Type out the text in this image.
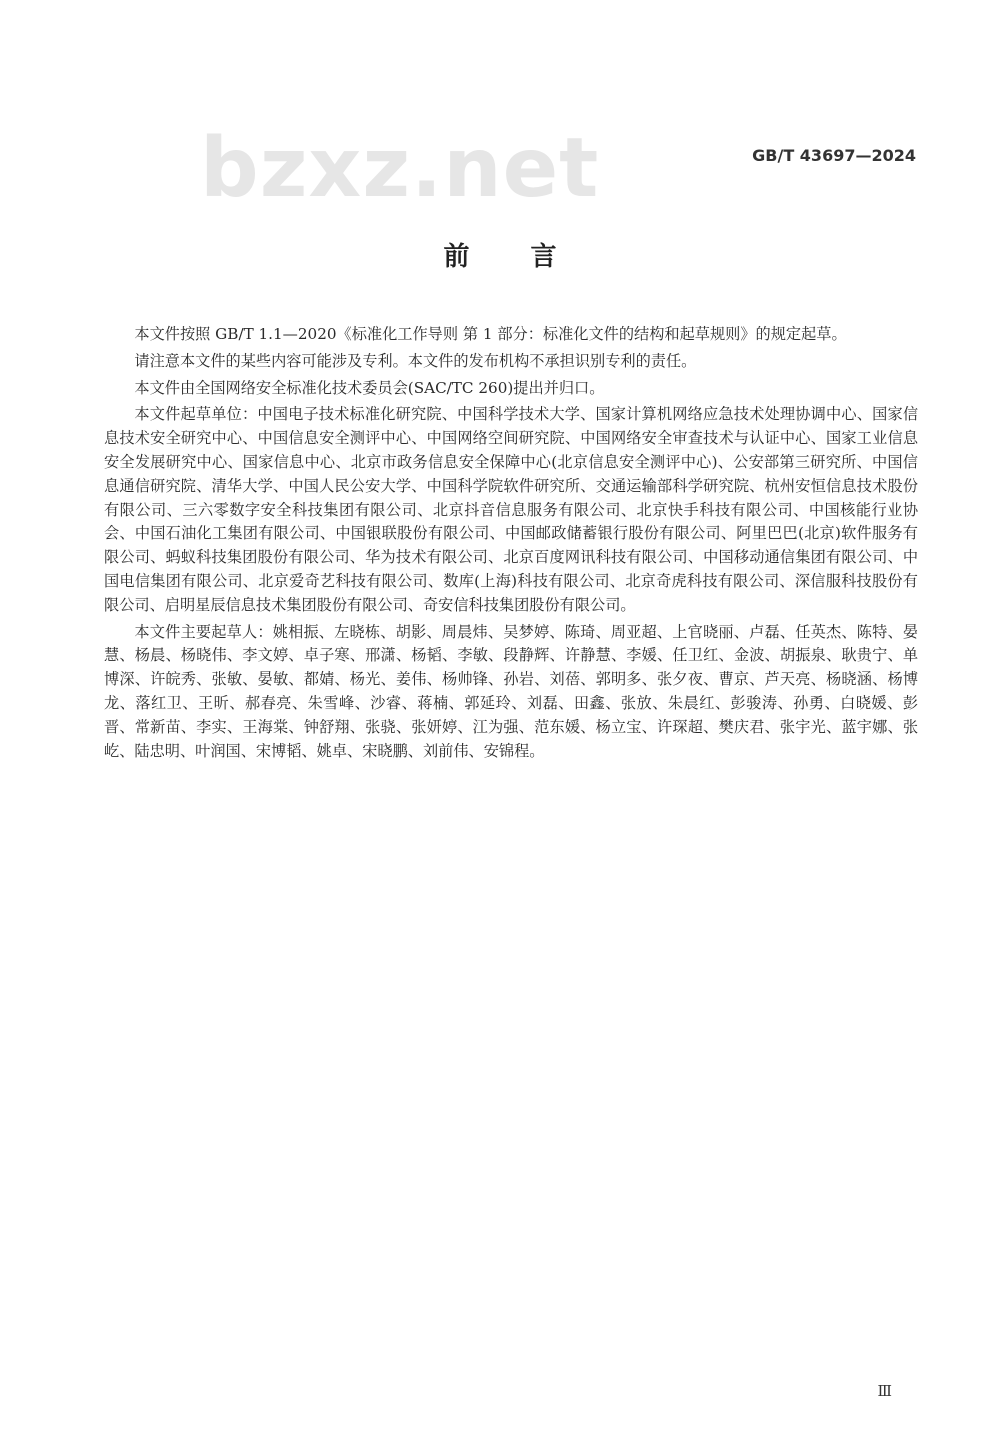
bzxz.net	GB/T 43697—2024
前 言

本文件按照 GB/T 1.1—2020《标准化工作导则 第 1 部分：标准化文件的结构和起草规则》的规定起草。

请注意本文件的某些内容可能涉及专利。本文件的发布机构不承担识别专利的责任。

本文件由全国网络安全标准化技术委员会(SAC/TC 260)提出并归口。

本文件起草单位：中国电子技术标准化研究院、中国科学技术大学、国家计算机网络应急技术处理协调中心、国家信息技术安全研究中心、中国信息安全测评中心、中国网络空间研究院、中国网络安全审查技术与认证中心、国家工业信息安全发展研究中心、国家信息中心、北京市政务信息安全保障中心(北京信息安全测评中心)、公安部第三研究所、中国信息通信研究院、清华大学、中国人民公安大学、中国科学院软件研究所、交通运输部科学研究院、杭州安恒信息技术股份有限公司、三六零数字安全科技集团有限公司、北京抖音信息服务有限公司、北京快手科技有限公司、中国核能行业协会、中国石油化工集团有限公司、中国银联股份有限公司、中国邮政储蓄银行股份有限公司、阿里巴巴(北京)软件服务有限公司、蚂蚁科技集团股份有限公司、华为技术有限公司、北京百度网讯科技有限公司、中国移动通信集团有限公司、中国电信集团有限公司、北京爱奇艺科技有限公司、数库(上海)科技有限公司、北京奇虎科技有限公司、深信服科技股份有限公司、启明星辰信息技术集团股份有限公司、奇安信科技集团股份有限公司。

本文件主要起草人：姚相振、左晓栋、胡影、周晨炜、吴梦婷、陈琦、周亚超、上官晓丽、卢磊、任英杰、陈特、晏慧、杨晨、杨晓伟、李文婷、卓子寒、邢潇、杨韬、李敏、段静辉、许静慧、李媛、任卫红、金波、胡振泉、耿贵宁、单博深、许皖秀、张敏、晏敏、都婧、杨光、姜伟、杨帅锋、孙岩、刘蓓、郭明多、张夕夜、曹京、芦天亮、杨晓涵、杨博龙、落红卫、王昕、郝春亮、朱雪峰、沙睿、蒋楠、郭延玲、刘磊、田鑫、张放、朱晨红、彭骏涛、孙勇、白晓媛、彭晋、常新苗、李实、王海棠、钟舒翔、张骁、张妍婷、江为强、范东媛、杨立宝、许琛超、樊庆君、张宇光、蓝宇娜、张屹、陆忠明、叶润国、宋博韬、姚卓、宋晓鹏、刘前伟、安锦程。

Ⅲ
